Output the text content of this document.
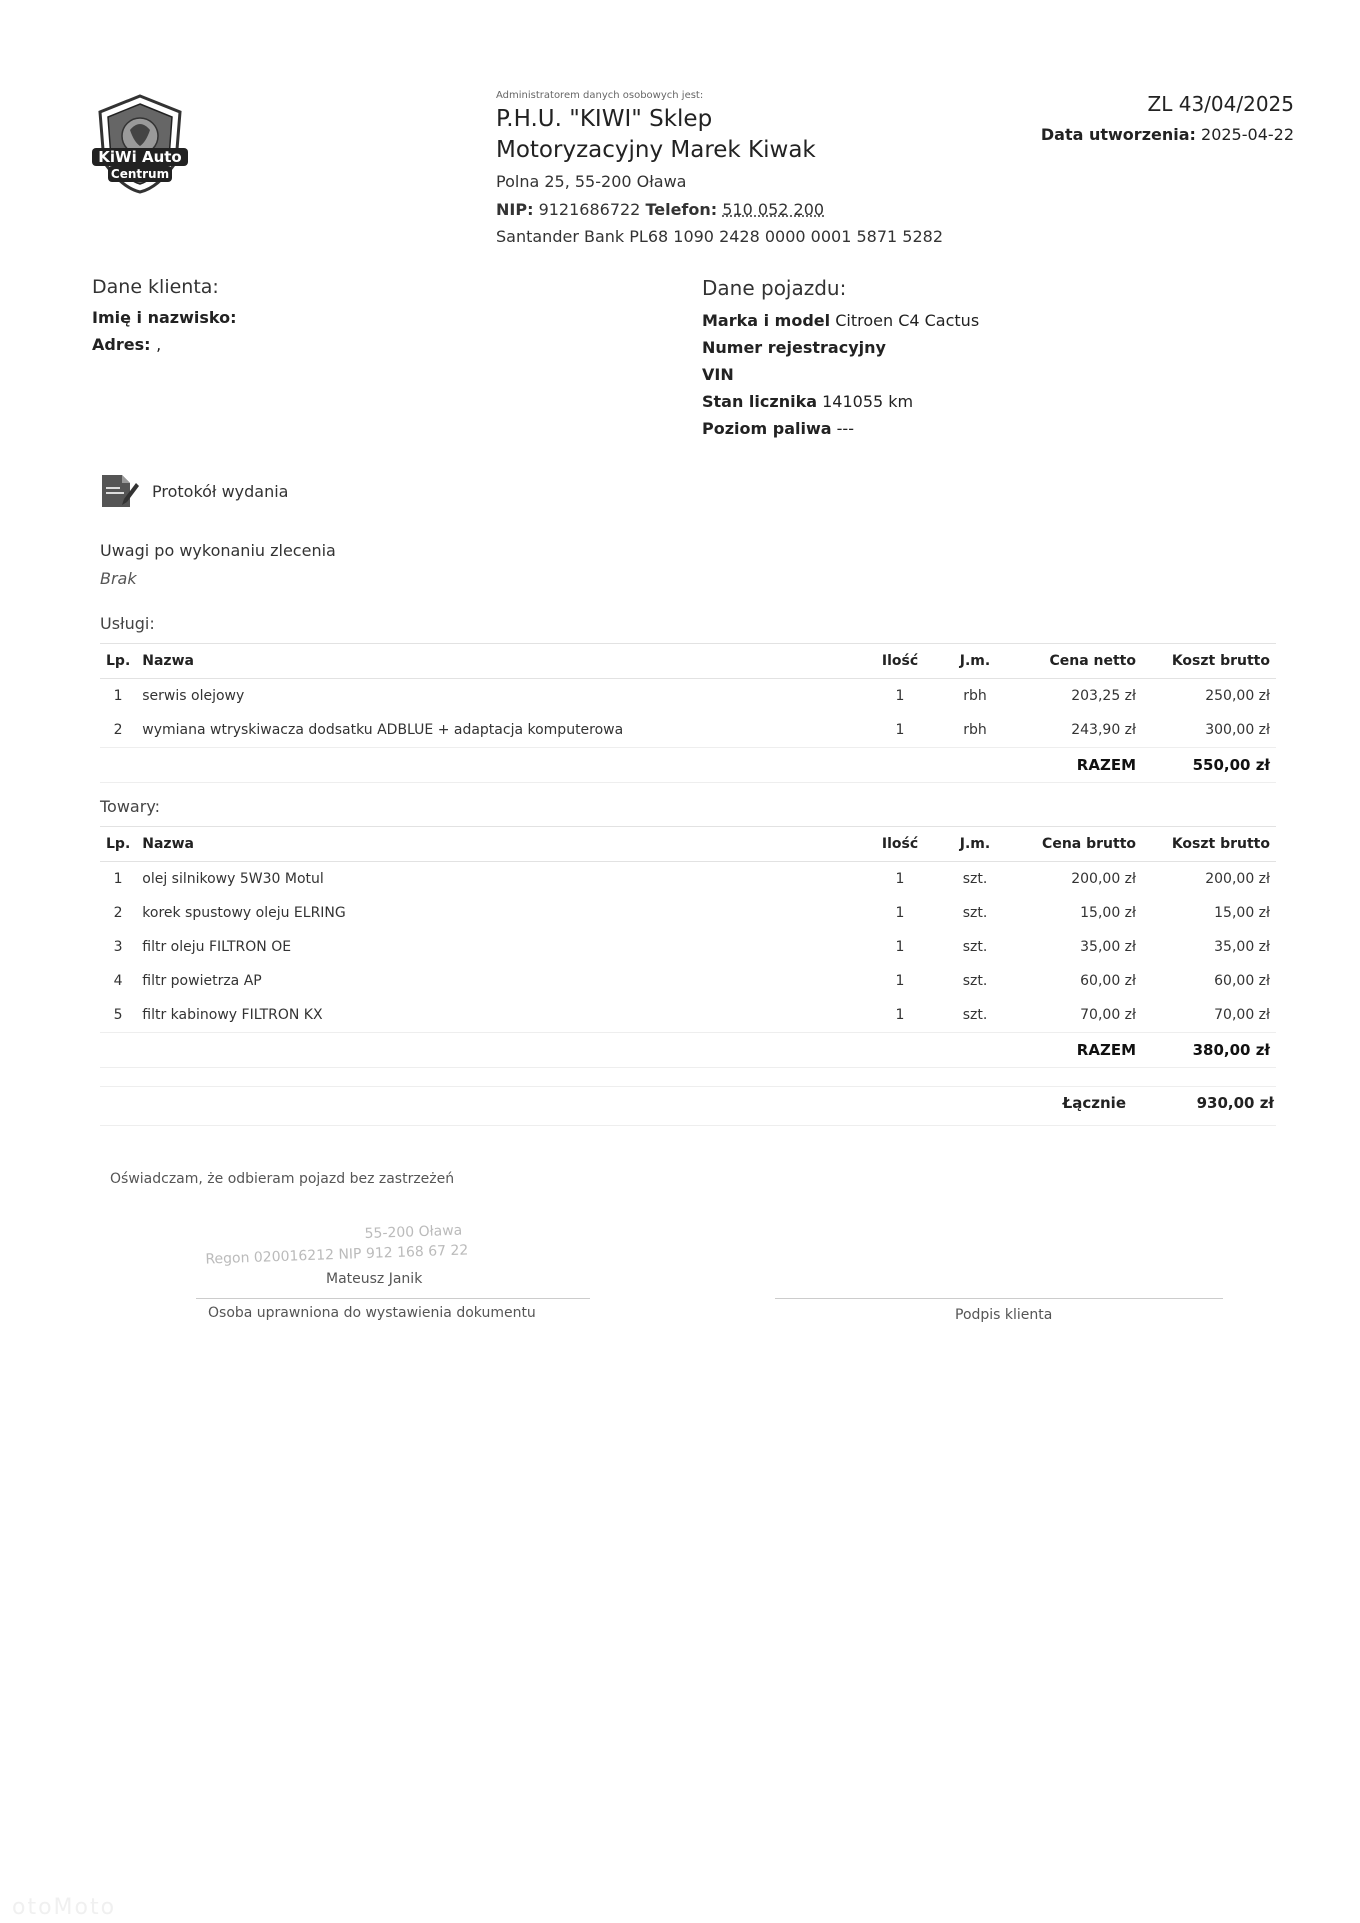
KiWi Auto
Centrum
Administratorem danych osobowych jest:
P.H.U. "KIWI" Sklep
Motoryzacyjny Marek Kiwak
Polna 25, 55-200 Oława
NIP: 9121686722 Telefon: 510 052 200
Santander Bank PL68 1090 2428 0000 0001 5871 5282
ZL 43/04/2025
Data utworzenia: 2025-04-22
Dane klienta:
Imię i nazwisko:
Adres: ,
Dane pojazdu:
Marka i model Citroen C4 Cactus
Numer rejestracyjny
VIN
Stan licznika 141055 km
Poziom paliwa ---
Protokół wydania
Uwagi po wykonaniu zlecenia
Brak
Usługi:
Lp.	Nazwa	Ilość	J.m.	Cena netto	Koszt brutto
1	serwis olejowy	1	rbh	203,25 zł	250,00 zł
2	wymiana wtryskiwacza dodsatku ADBLUE + adaptacja komputerowa	1	rbh	243,90 zł	300,00 zł
				RAZEM	550,00 zł
Towary:
Lp.	Nazwa	Ilość	J.m.	Cena brutto	Koszt brutto
1	olej silnikowy 5W30 Motul	1	szt.	200,00 zł	200,00 zł
2	korek spustowy oleju ELRING	1	szt.	15,00 zł	15,00 zł
3	filtr oleju FILTRON OE	1	szt.	35,00 zł	35,00 zł
4	filtr powietrza AP	1	szt.	60,00 zł	60,00 zł
5	filtr kabinowy FILTRON KX	1	szt.	70,00 zł	70,00 zł
				RAZEM	380,00 zł
Łącznie	930,00 zł
Oświadczam, że odbieram pojazd bez zastrzeżeń
55-200 Oława
Regon 020016212 NIP 912 168 67 22
Mateusz Janik
Osoba uprawniona do wystawienia dokumentu	Podpis klienta
otoMoto
